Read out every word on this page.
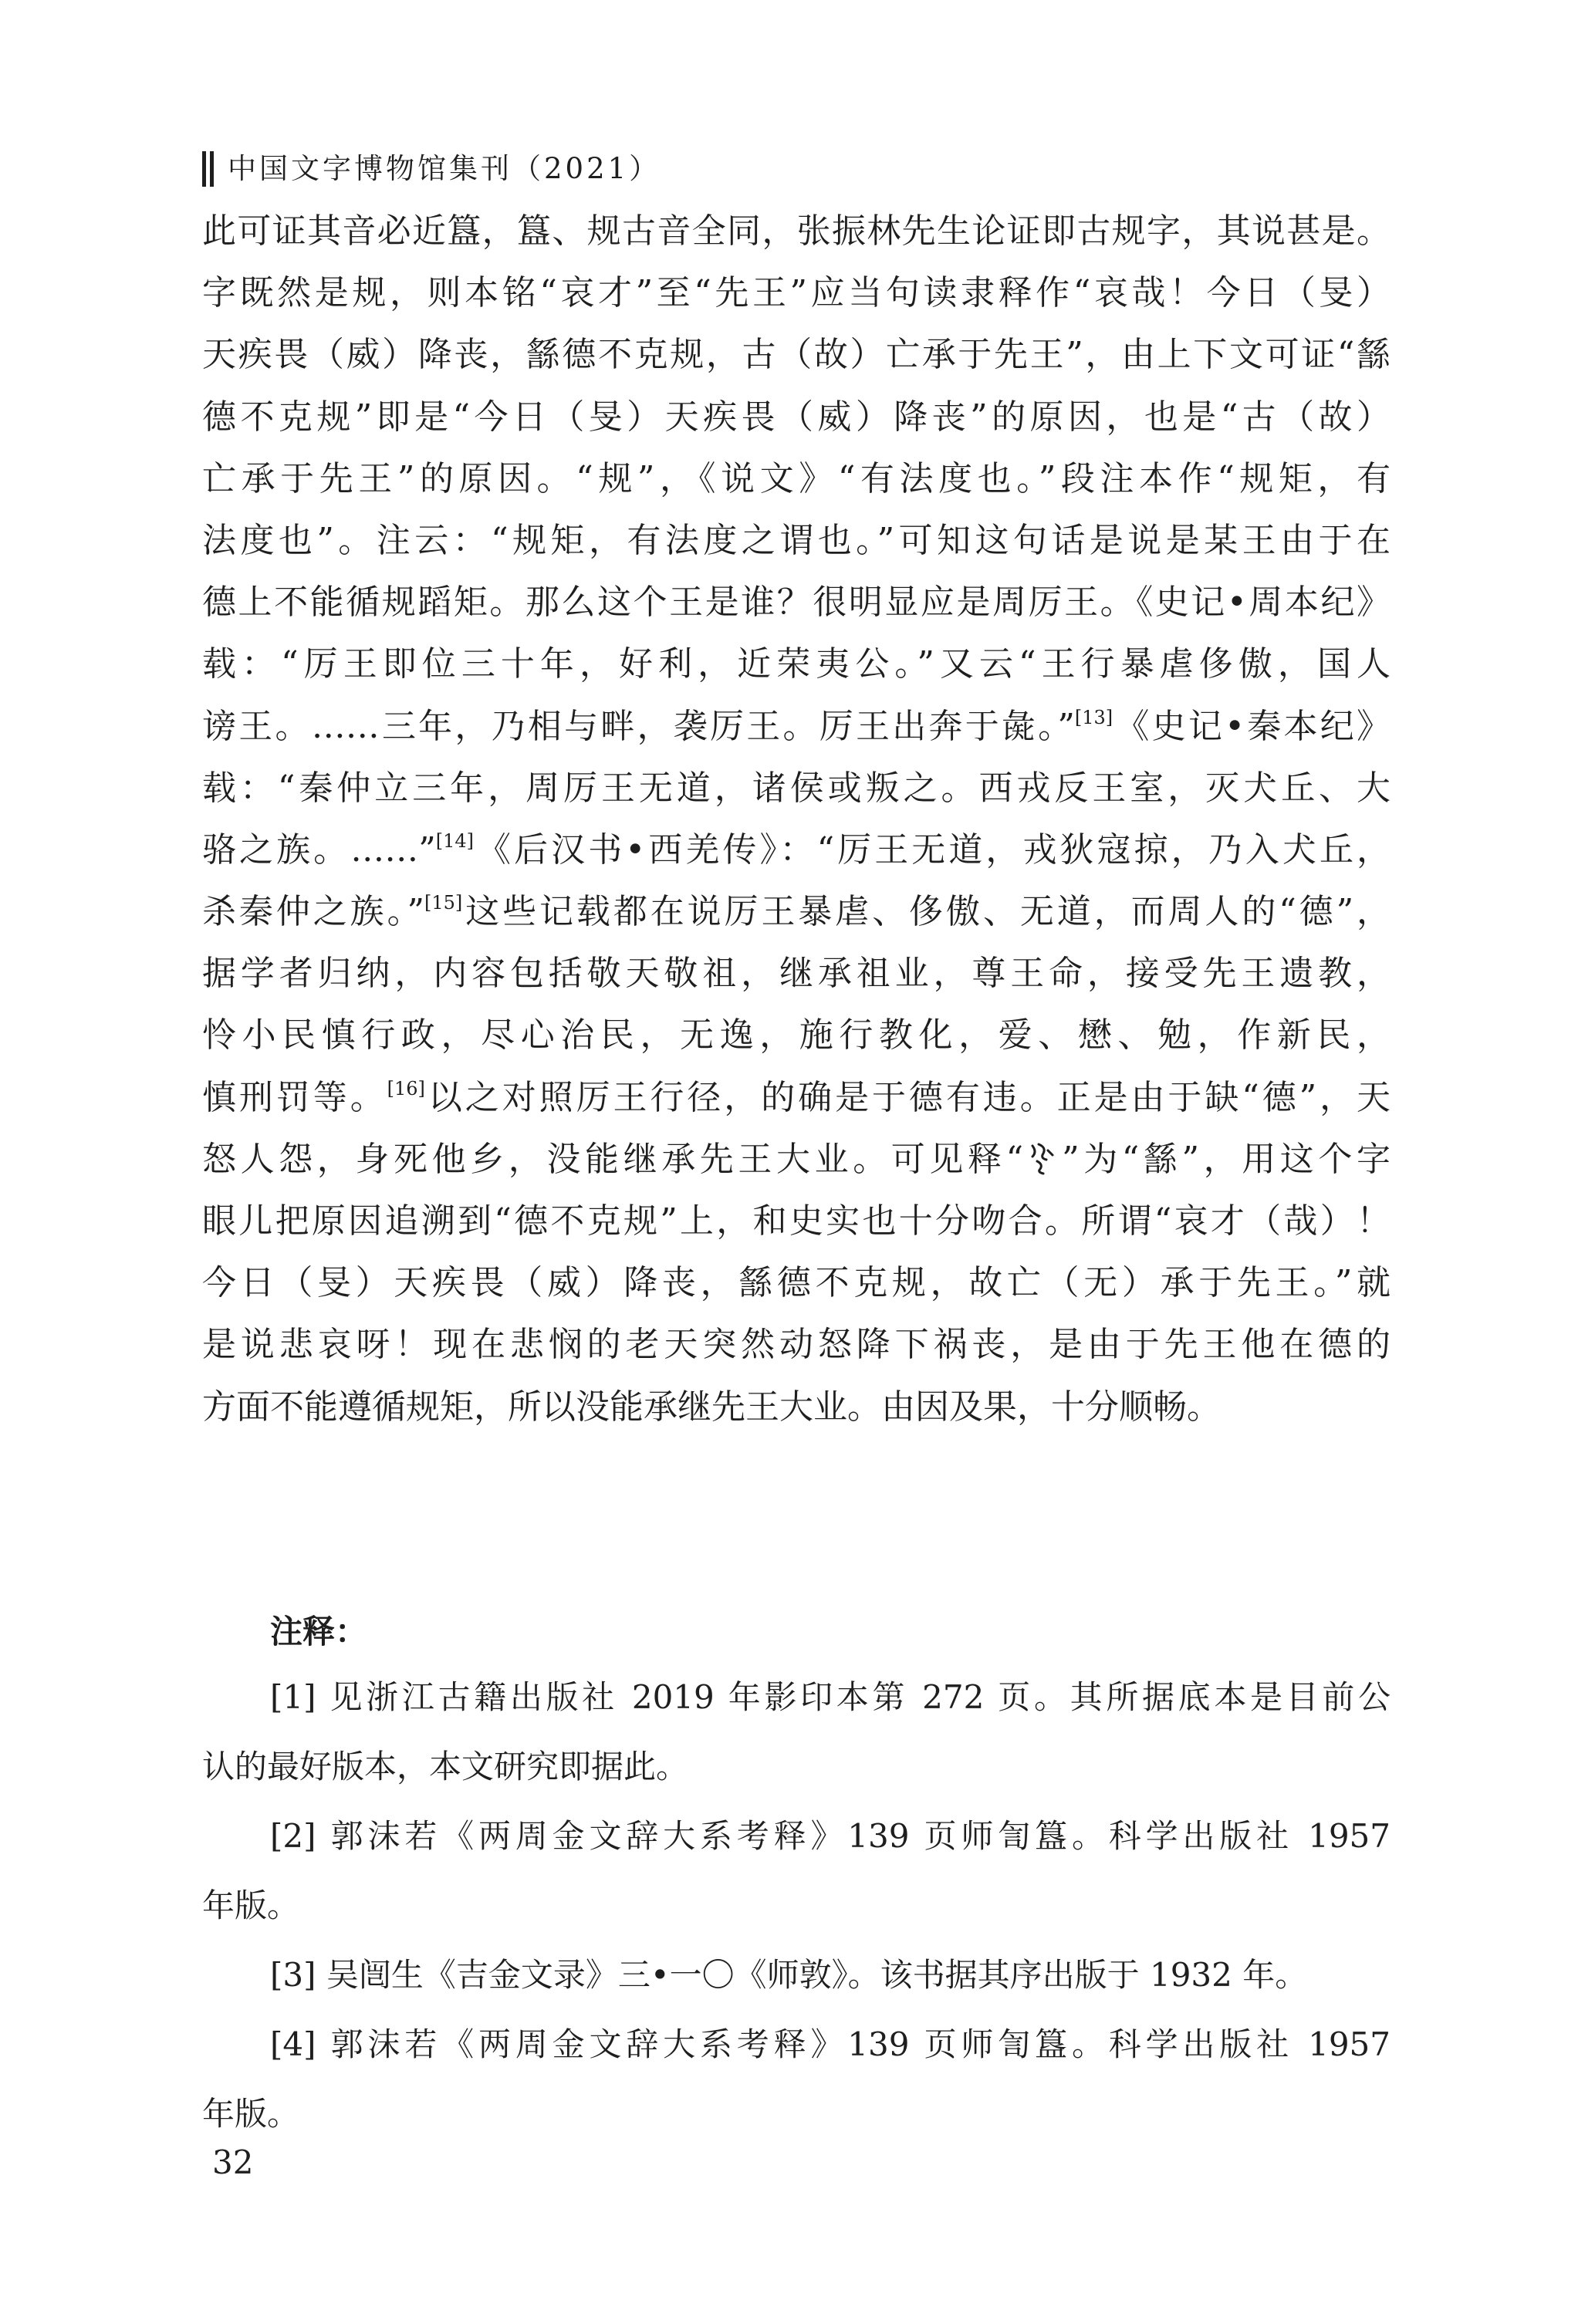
中国文字博物馆集刊（2021）
此可证其音必近簋，簋、规古音全同，张振林先生论证即古规字，其说甚是。
字既然是规，则本铭“哀才”至“先王”应当句读隶释作“哀哉！今日（旻）
天疾畏（威）降丧，䌛德不克规，古（故）亡承于先王”，由上下文可证“䌛
德不克规”即是“今日（旻）天疾畏（威）降丧”的原因，也是“古（故）
亡承于先王”的原因。“规”，《说文》“有法度也。”段注本作“规矩，有
法度也”。注云：“规矩，有法度之谓也。”可知这句话是说是某王由于在
德上不能循规蹈矩。那么这个王是谁？很明显应是周厉王。《史记•周本纪》
载：“厉王即位三十年，好利，近荣夷公。”又云“王行暴虐侈傲，国人
谤王。……三年，乃相与畔，袭厉王。厉王出奔于彘。”[13]《史记•秦本纪》
载：“秦仲立三年，周厉王无道，诸侯或叛之。西戎反王室，灭犬丘、大
骆之族。……”[14]《后汉书•西羌传》：“厉王无道，戎狄寇掠，乃入犬丘，
杀秦仲之族。”[15]这些记载都在说厉王暴虐、侈傲、无道，而周人的“德”，
据学者归纳，内容包括敬天敬祖，继承祖业，尊王命，接受先王遗教，
怜小民慎行政，尽心治民，无逸，施行教化，爱、懋、勉，作新民，
慎刑罚等。[16]以之对照厉王行径，的确是于德有违。正是由于缺“德”，天
怒人怨，身死他乡，没能继承先王大业。可见释“ ”为“䌛”，用这个字
眼儿把原因追溯到“德不克规”上，和史实也十分吻合。所谓“哀才（哉）！
今日（旻）天疾畏（威）降丧，䌛德不克规，故亡（无）承于先王。”就
是说悲哀呀！现在悲悯的老天突然动怒降下祸丧，是由于先王他在德的
方面不能遵循规矩，所以没能承继先王大业。由因及果，十分顺畅。
注释：
[1] 见浙江古籍出版社 2019 年影印本第 272 页。其所据底本是目前公
认的最好版本，本文研究即据此。
[2] 郭沫若《两周金文辞大系考释》139 页师訇簋。科学出版社 1957
年版。
[3] 吴闿生《吉金文录》三•一〇《师敦》。该书据其序出版于 1932 年。
[4] 郭沫若《两周金文辞大系考释》139 页师訇簋。科学出版社 1957
年版。
32
